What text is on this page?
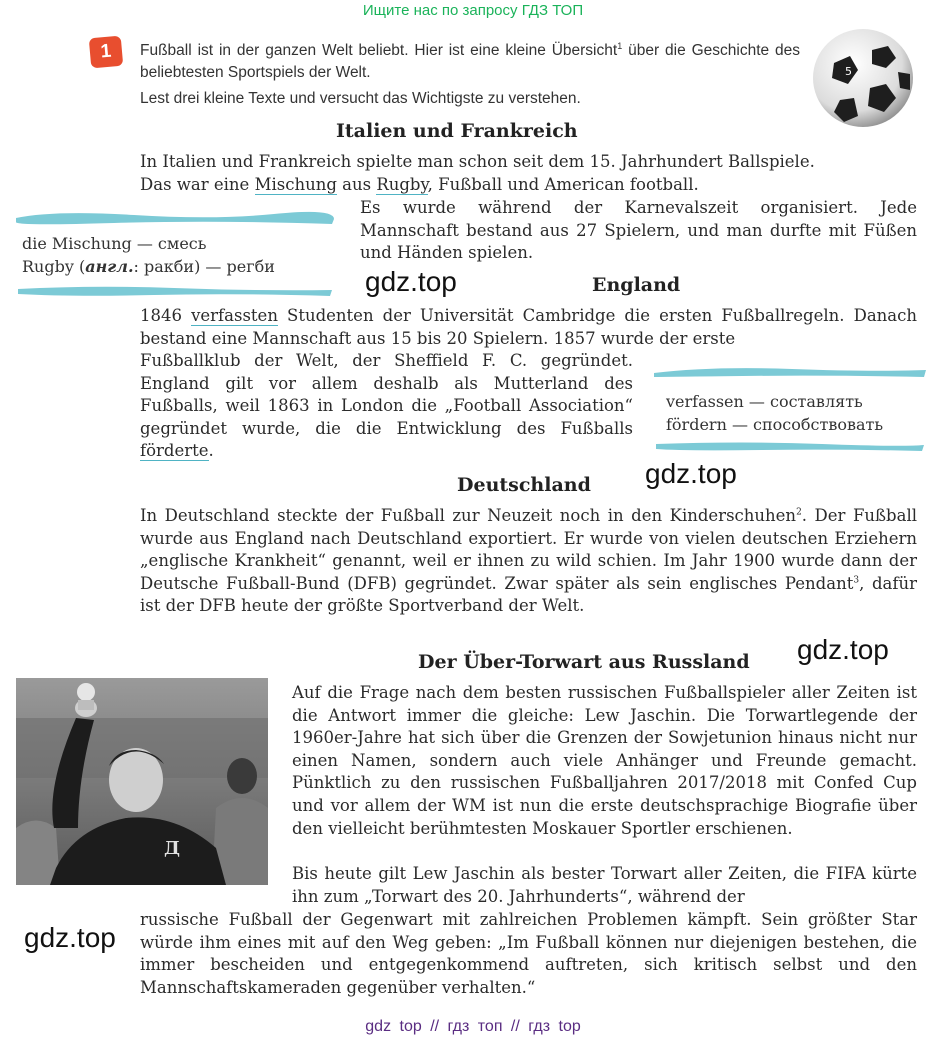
Ищите нас по запросу ГДЗ ТОП
1	Fußball ist in der ganzen Welt beliebt. Hier ist eine kleine Übersicht$^1$ über die Geschichte des beliebtesten Sportspiels der Welt.

Lest drei kleine Texte und versucht das Wichtigste zu verstehen.

5
Italien und Frankreich
In Italien und Frankreich spielte man schon seit dem 15. Jahrhundert Ballspiele.
Das war eine Mischung aus Rugby, Fußball und American football.
Es wurde während der Karnevalszeit organisiert. Jede Mannschaft bestand aus 27 Spielern, und man durfte mit Füßen und Händen spielen.
die Mischung — смесь
Rugby (англ.: ракби) — регби	gdz.top	England
1846 verfassten Studenten der Universität Cambridge die ersten Fußballregeln. Danach bestand eine Mannschaft aus 15 bis 20 Spielern. 1857 wurde der erste
Fußballklub der Welt, der Sheffield F. C. gegründet. England gilt vor allem deshalb als Mutterland des Fußballs, weil 1863 in London die „Football Association“ gegründet wurde, die die Entwicklung des Fußballs förderte.
verfassen — составлять
fördern — способствовать
gdz.top
Deutschland
In Deutschland steckte der Fußball zur Neuzeit noch in den Kinderschuhen$^2$. Der Fußball wurde aus England nach Deutschland exportiert. Er wurde von vielen deutschen Erziehern „englische Krankheit“ genannt, weil er ihnen zu wild schien. Im Jahr 1900 wurde dann der Deutsche Fußball-Bund (DFB) gegründet. Zwar später als sein englisches Pendant$^3$, dafür ist der DFB heute der größte Sportverband der Welt.
gdz.top
Der Über-Torwart aus Russland
Д
Auf die Frage nach dem besten russischen Fußballspieler aller Zeiten ist die Antwort immer die gleiche: Lew Jaschin. Die Torwartlegende der 1960er-Jahre hat sich über die Grenzen der Sowjetunion hinaus nicht nur einen Namen, sondern auch viele Anhänger und Freunde gemacht. Pünktlich zu den russischen Fußballjahren 2017/2018 mit Confed Cup und vor allem der WM ist nun die erste deutschsprachige Biografie über den vielleicht berühmtesten Moskauer Sportler erschienen.
Bis heute gilt Lew Jaschin als bester Torwart aller Zeiten, die FIFA kürte ihn zum „Torwart des 20. Jahrhunderts“, während der
russische Fußball der Gegenwart mit zahlreichen Problemen kämpft. Sein größter Star würde ihm eines mit auf den Weg geben: „Im Fußball können nur diejenigen bestehen, die immer bescheiden und entgegenkommend auftreten, sich kritisch selbst und den Mannschaftskameraden gegenüber verhalten.“
gdz.top
gdz top // гдз топ // гдз top
